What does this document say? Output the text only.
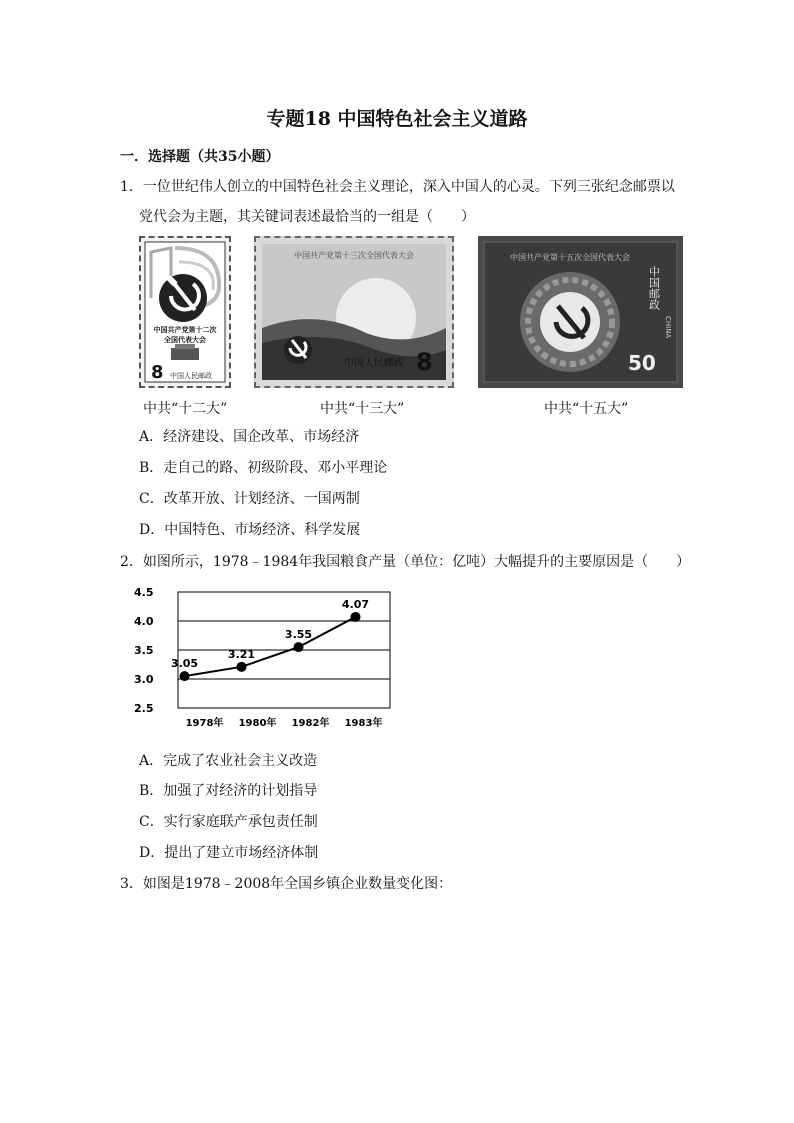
专题18 中国特色社会主义道路
一．选择题（共35小题）
1．一位世纪伟人创立的中国特色社会主义理论，深入中国人的心灵。下列三张纪念邮票以
党代会为主题，其关键词表述最恰当的一组是（　　）
中国共产党第十二次
全国代表大会
8 中国人民邮政
中国共产党第十三次全国代表大会
中国人民邮政 8
中国共产党第十五次全国代表大会
中国邮政
CHINA
50
中共“十二大”	中共“十三大”	中共“十五大”
A．经济建设、国企改革、市场经济
B．走自己的路、初级阶段、邓小平理论
C．改革开放、计划经济、一国两制
D．中国特色、市场经济、科学发展
2．如图所示，1978﹣1984年我国粮食产量（单位：亿吨）大幅提升的主要原因是（　　）
4.5
4.0
3.5
3.0
2.5
1978年 1980年 1982年 1983年
3.05
3.21
3.55
4.07
A．完成了农业社会主义改造
B．加强了对经济的计划指导
C．实行家庭联产承包责任制
D．提出了建立市场经济体制
3．如图是1978﹣2008年全国乡镇企业数量变化图：
